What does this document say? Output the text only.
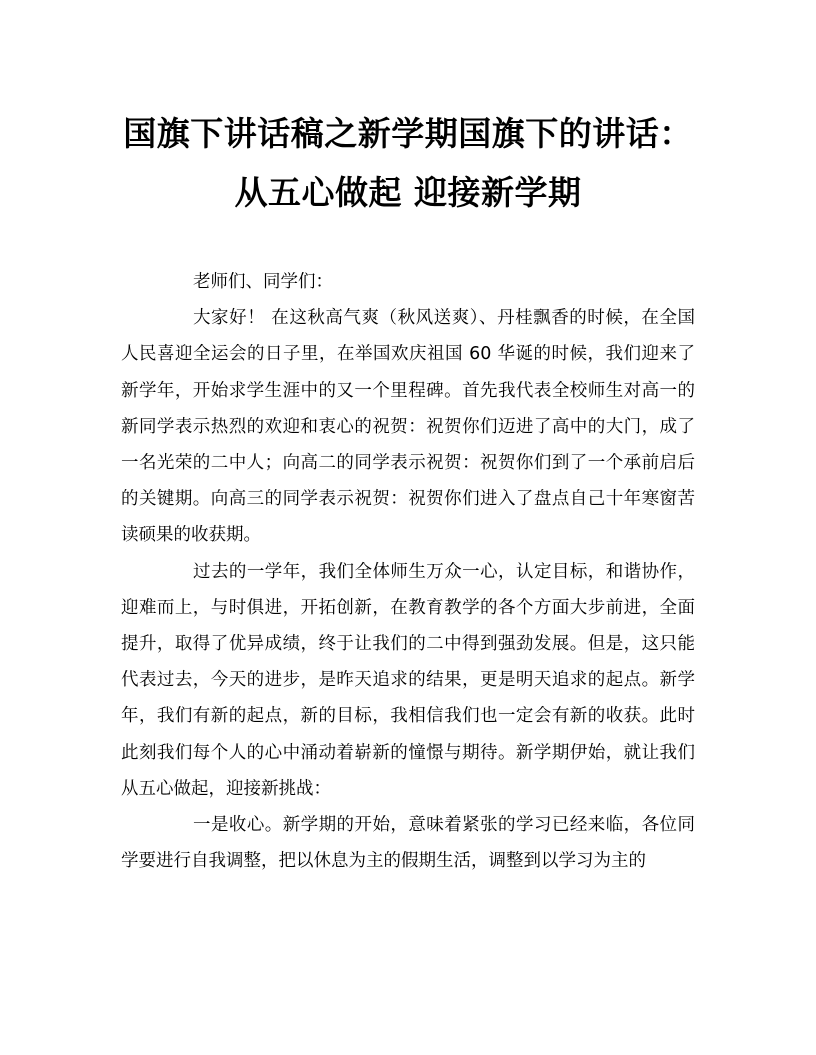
国旗下讲话稿之新学期国旗下的讲话：
从五心做起 迎接新学期

老师们、同学们：

大家好！ 在这秋高气爽（秋风送爽）、丹桂飘香的时候，在全国人民喜迎全运会的日子里，在举国欢庆祖国 60 华诞的时候，我们迎来了新学年，开始求学生涯中的又一个里程碑。首先我代表全校师生对高一的新同学表示热烈的欢迎和衷心的祝贺：祝贺你们迈进了高中的大门，成了一名光荣的二中人；向高二的同学表示祝贺：祝贺你们到了一个承前启后的关键期。向高三的同学表示祝贺：祝贺你们进入了盘点自己十年寒窗苦读硕果的收获期。

过去的一学年，我们全体师生万众一心，认定目标，和谐协作，迎难而上，与时俱进，开拓创新，在教育教学的各个方面大步前进，全面提升，取得了优异成绩，终于让我们的二中得到强劲发展。但是，这只能代表过去，今天的进步，是昨天追求的结果，更是明天追求的起点。新学年，我们有新的起点，新的目标，我相信我们也一定会有新的收获。此时此刻我们每个人的心中涌动着崭新的憧憬与期待。新学期伊始，就让我们从五心做起，迎接新挑战：

一是收心。新学期的开始，意味着紧张的学习已经来临，各位同学要进行自我调整，把以休息为主的假期生活，调整到以学习为主的
